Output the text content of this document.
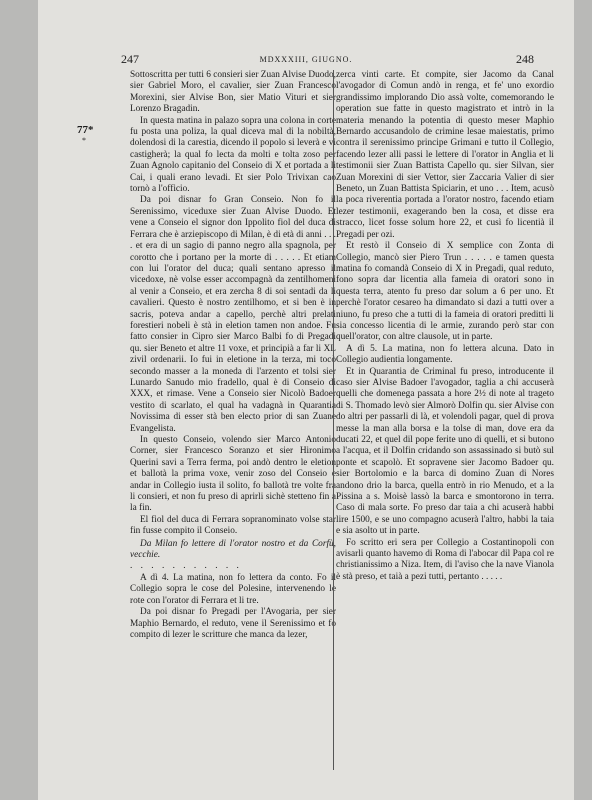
247	MDXXXIII, GIUGNO.	248
77*
*

Sottoscritta per tutti 6 consieri sier Zuan Alvise Duodo, sier Gabriel Moro, el cavalier, sier Zuan Francesco Morexini, sier Alvise Bon, sier Matio Vituri et sier Lorenzo Bragadin.

In questa matina in palazo sopra una colona in corte fu posta una poliza, la qual diceva mal di la nobiltà, dolendosi di la carestia, dicendo il popolo si leverà e vi castigherà; la qual fo lecta da molti e tolta zoso per Zuan Agnolo capitanio del Conseio di X et portada a li Cai, i quali erano levadi. Et sier Polo Trivixan cao tornò a l'officio.

Da poi disnar fo Gran Conseio. Non fo il Serenissimo, viceduxe sier Zuan Alvise Duodo. Et vene a Conseio el signor don Ippolito fiol del duca di Ferrara che è arziepiscopo di Milan, è di età di anni . . . . et era di un sagio di panno negro alla spagnola, per corotto che i portano per la morte di . . . . . Et etiam con lui l'orator del duca; quali sentano apresso il vicedoxe, nè volse esser accompagnà da zentilhomeni al venir a Conseio, et era zercha 8 di soi sentadi da li cavalieri. Questo è nostro zentilhomo, et si ben è in sacris, poteva andar a capello, perchè altri prelati forestieri nobeli è stà in eletion tamen non andoe. Fu fatto consier in Cipro sier Marco Balbi fo di Pregadi qu. sier Beneto et altre 11 voxe, et principià a far li XL zivil ordenarii. Io fui in eletione in la terza, mi tocò secondo masser a la moneda di l'arzento et tolsi sier Lunardo Sanudo mio fradello, qual è di Conseio di XXX, et rimase. Vene a Conseio sier Nicolò Badoer vestito di scarlato, el qual ha vadagnà in Quarantia Novissima di esser stà ben electo prior di san Zuane Evangelista.

In questo Conseio, volendo sier Marco Antonio Corner, sier Francesco Soranzo et sier Hironimo Querini savi a Terra ferma, poi andò dentro le eletion et ballotà la prima voxe, venir zoso del Conseio e andar in Collegio iusta il solito, fo ballotà tre volte fra li consieri, et non fu preso di aprirli sichè stetteno fin a la fin.

El fiol del duca di Ferrara sopranominato volse star fin fusse compito il Conseio.

Da Milan fo lettere di l'orator nostro et da Corfù, vecchie.

. . . . . . . . . . .

A dì 4. La matina, non fo lettera da conto. Fo il Collegio sopra le cose del Polesine, intervenendo le rote con l'orator di Ferrara et li tre.

Da poi disnar fo Pregadi per l'Avogaria, per sier Maphio Bernardo, el reduto, vene il Serenissimo et fo compito di lezer le scritture che manca da lezer,

zerca vinti carte. Et compite, sier Jacomo da Canal l'avogador di Comun andò in renga, et fe' uno exordio grandissimo implorando Dio assà volte, comemorando le operation sue fatte in questo magistrato et intrò in la materia menando la potentia di questo meser Maphio Bernardo accusandolo de crimine lesae maiestatis, primo contra il serenissimo principe Grimani e tutto il Collegio, facendo lezer alli passi le lettere di l'orator in Anglia et li testimonii sier Zuan Battista Capello qu. sier Silvan, sier Zuan Morexini di sier Vettor, sier Zaccaria Valier di sier Beneto, un Zuan Battista Spiciarin, et uno . . . Item, acusò la poca riverentia portada a l'orator nostro, facendo etiam lezer testimonii, exagerando ben la cosa, et disse era stracco, licet fosse solum hore 22, et cusì fo licentià il Pregadi per ozi.

Et restò il Conseio di X semplice con Zonta di Collegio, mancò sier Piero Trun . . . . . e tamen questa matina fo comandà Conseio di X in Pregadi, qual reduto, fono sopra dar licentia alla fameia di oratori sono in questa terra, atento fu preso dar solum a 6 per uno. Et perchè l'orator cesareo ha dimandato si dazi a tutti over a niuno, fu preso che a tutti di la fameia di oratori preditti li sia concesso licentia di le armie, zurando però star con quell'orator, con altre clausole, ut in parte.

A dì 5. La matina, non fo lettera alcuna. Dato in Collegio audientia longamente.

Et in Quarantia de Criminal fu preso, introducente il caso sier Alvise Badoer l'avogador, taglia a chi accuserà quelli che domenega passata a hore 2½ di note al trageto di S. Thomado levò sier Almorò Dolfin qu. sier Alvise con do altri per passarli di là, et volendoli pagar, quel di prova messe la man alla borsa e la tolse di man, dove era da ducati 22, et quel dil pope ferite uno di quelli, et si butono a l'acqua, et il Dolfin cridando son assassinado si butò sul ponte et scapolò. Et sopravene sier Jacomo Badoer qu. sier Bortolomio e la barca di domino Zuan di Nores andono drio la barca, quella entrò in rio Menudo, et a la Pissina a s. Moisè lassò la barca e smontorono in terra. Caso di mala sorte. Fo preso dar taia a chi acuserà habbi lire 1500, e se uno compagno acuserà l'altro, habbi la taia e sia asolto ut in parte.

Fo scritto eri sera per Collegio a Costantinopoli con avisarli quanto havemo di Roma di l'abocar dil Papa col re christianissimo a Niza. Item, di l'aviso che la nave Vianola è stà preso, et taià a pezi tutti, pertanto . . . . .
